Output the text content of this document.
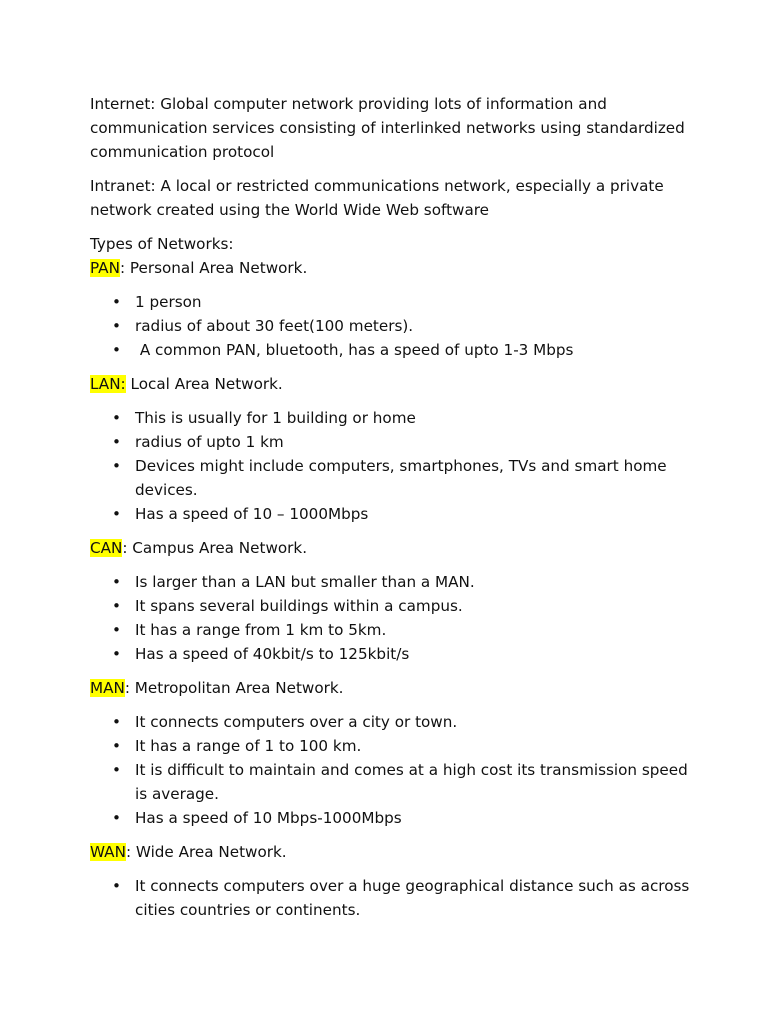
Internet: Global computer network providing lots of information and communication services consisting of interlinked networks using standardized communication protocol

Intranet: A local or restricted communications network, especially a private network created using the World Wide Web software

Types of Networks:

PAN: Personal Area Network.

• 1 person
• radius of about 30 feet(100 meters).
•  A common PAN, bluetooth, has a speed of upto 1-3 Mbps

LAN: Local Area Network.

• This is usually for 1 building or home
• radius of upto 1 km
• Devices might include computers, smartphones, TVs and smart home devices.
• Has a speed of 10 – 1000Mbps

CAN: Campus Area Network.

• Is larger than a LAN but smaller than a MAN.
• It spans several buildings within a campus.
• It has a range from 1 km to 5km.
• Has a speed of 40kbit/s to 125kbit/s

MAN: Metropolitan Area Network.

• It connects computers over a city or town.
• It has a range of 1 to 100 km.
• It is difficult to maintain and comes at a high cost its transmission speed is average.
• Has a speed of 10 Mbps-1000Mbps

WAN: Wide Area Network.

• It connects computers over a huge geographical distance such as across cities countries or continents.
